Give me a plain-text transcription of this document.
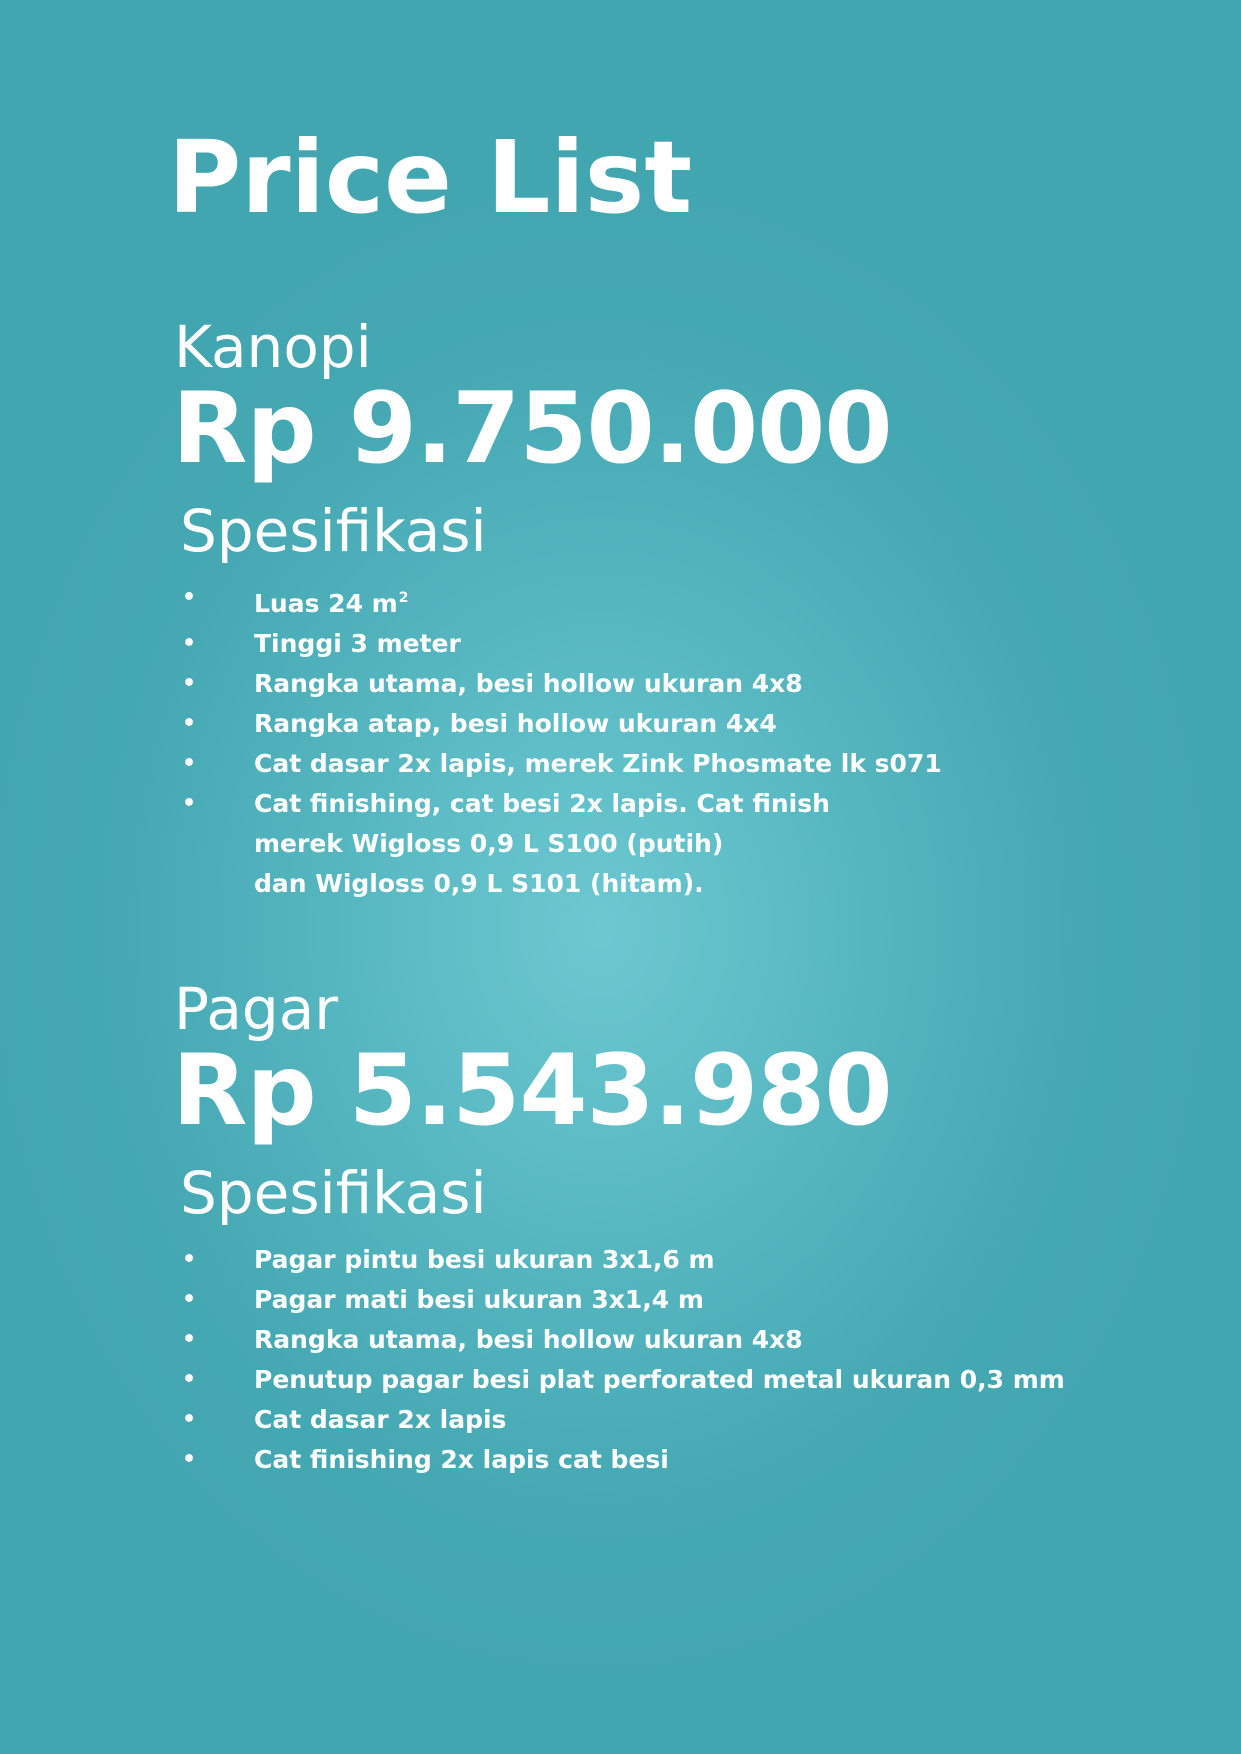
Price List
Kanopi
Rp 9.750.000
Spesifikasi
• Luas 24 $m^2$
• Tinggi 3 meter
• Rangka utama, besi hollow ukuran 4x8
• Rangka atap, besi hollow ukuran 4x4
• Cat dasar 2x lapis, merek Zink Phosmate lk s071
• Cat finishing, cat besi 2x lapis. Cat finish
merek Wigloss 0,9 L S100 (putih)
dan Wigloss 0,9 L S101 (hitam).
Pagar
Rp 5.543.980
Spesifikasi
• Pagar pintu besi ukuran 3x1,6 m
• Pagar mati besi ukuran 3x1,4 m
• Rangka utama, besi hollow ukuran 4x8
• Penutup pagar besi plat perforated metal ukuran 0,3 mm
• Cat dasar 2x lapis
• Cat finishing 2x lapis cat besi
